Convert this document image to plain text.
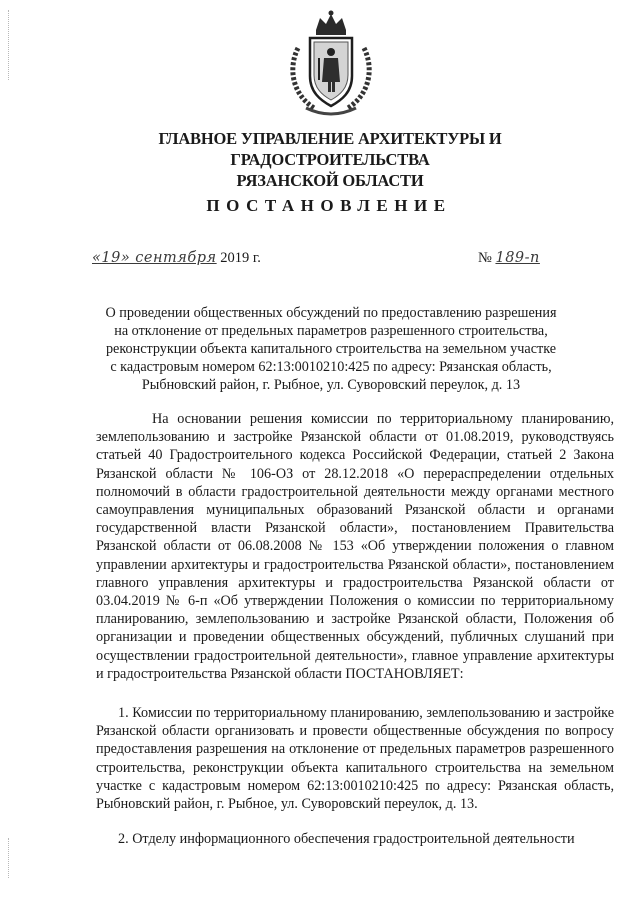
ГЛАВНОЕ УПРАВЛЕНИЕ АРХИТЕКТУРЫ И ГРАДОСТРОИТЕЛЬСТВА
РЯЗАНСКОЙ ОБЛАСТИ
ПОСТАНОВЛЕНИЕ
«19» сентября 2019 г.	№ 189-п
О проведении общественных обсуждений по предоставлению разрешения
на отклонение от предельных параметров разрешенного строительства,
реконструкции объекта капитального строительства на земельном участке
с кадастровым номером 62:13:0010210:425 по адресу: Рязанская область,
Рыбновский район, г. Рыбное, ул. Суворовский переулок, д. 13
На основании решения комиссии по территориальному планированию, землепользованию и застройке Рязанской области от 01.08.2019, руководствуясь статьей 40 Градостроительного кодекса Российской Федерации, статьей 2 Закона Рязанской области № 106-ОЗ от 28.12.2018 «О перераспределении отдельных полномочий в области градостроительной деятельности между органами местного самоуправления муниципальных образований Рязанской области и органами государственной власти Рязанской области», постановлением Правительства Рязанской области от 06.08.2008 № 153 «Об утверждении положения о главном управлении архитектуры и градостроительства Рязанской области», постановлением главного управления архитектуры и градостроительства Рязанской области от 03.04.2019 № 6-п «Об утверждении Положения о комиссии по территориальному планированию, землепользованию и застройке Рязанской области, Положения об организации и проведении общественных обсуждений, публичных слушаний при осуществлении градостроительной деятельности», главное управление архитектуры и градостроительства Рязанской области ПОСТАНОВЛЯЕТ:
1. Комиссии по территориальному планированию, землепользованию и застройке Рязанской области организовать и провести общественные обсуждения по вопросу предоставления разрешения на отклонение от предельных параметров разрешенного строительства, реконструкции объекта капитального строительства на земельном участке с кадастровым номером 62:13:0010210:425 по адресу: Рязанская область, Рыбновский район, г. Рыбное, ул. Суворовский переулок, д. 13.
2. Отделу информационного обеспечения градостроительной деятельности
